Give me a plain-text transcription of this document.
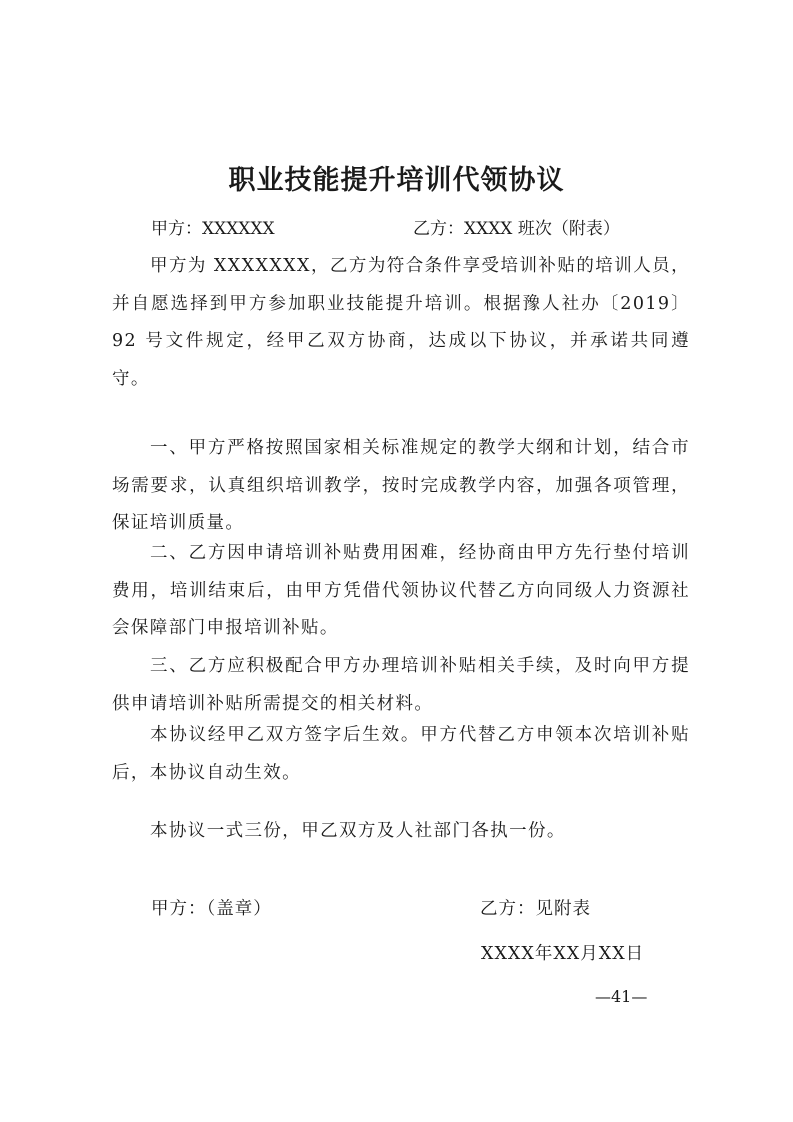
职业技能提升培训代领协议
甲方：XXXXXX	乙方：XXXX 班次（附表）

甲方为 XXXXXXX，乙方为符合条件享受培训补贴的培训人员，并自愿选择到甲方参加职业技能提升培训。根据豫人社办〔2019〕92 号文件规定，经甲乙双方协商，达成以下协议，并承诺共同遵守。

一、甲方严格按照国家相关标准规定的教学大纲和计划，结合市场需要求，认真组织培训教学，按时完成教学内容，加强各项管理，保证培训质量。

二、乙方因申请培训补贴费用困难，经协商由甲方先行垫付培训费用，培训结束后，由甲方凭借代领协议代替乙方向同级人力资源社会保障部门申报培训补贴。

三、乙方应积极配合甲方办理培训补贴相关手续，及时向甲方提供申请培训补贴所需提交的相关材料。

本协议经甲乙双方签字后生效。甲方代替乙方申领本次培训补贴后，本协议自动生效。

本协议一式三份，甲乙双方及人社部门各执一份。

甲方：（盖章）	乙方：见附表
XXXX年XX月XX日
—41—
